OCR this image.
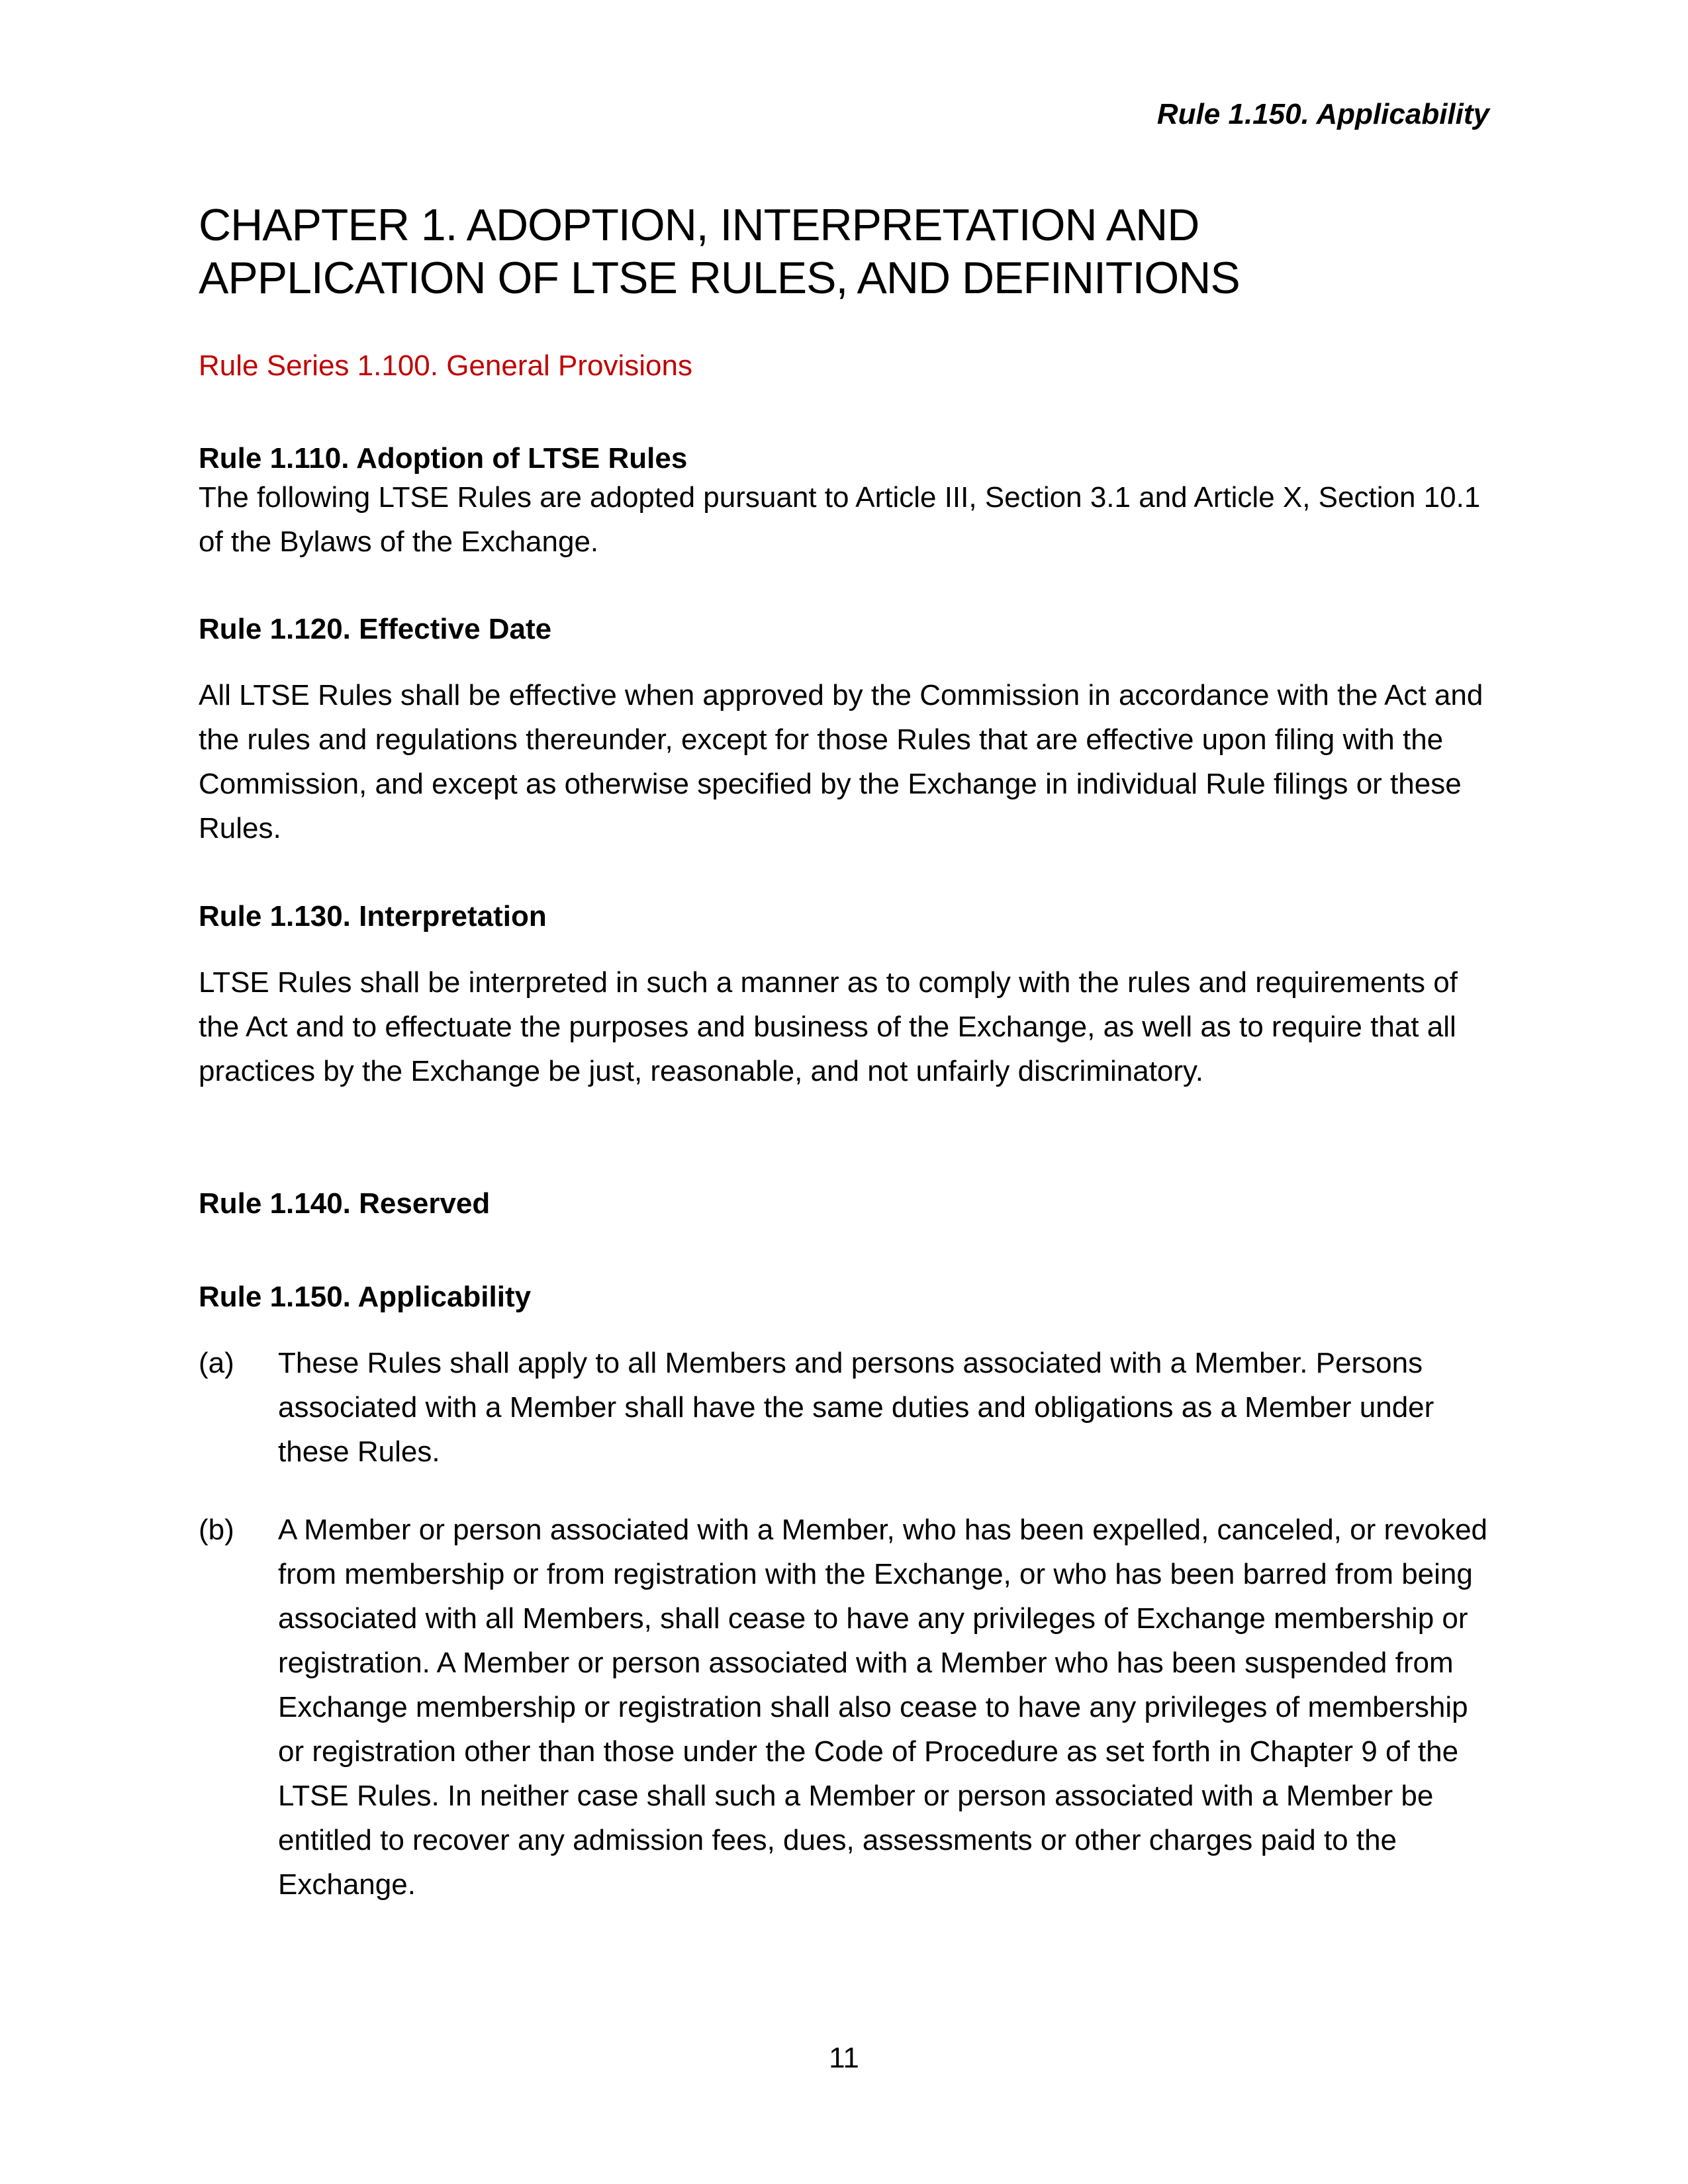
Rule 1.150. Applicability

CHAPTER 1. ADOPTION, INTERPRETATION AND APPLICATION OF LTSE RULES, AND DEFINITIONS
Rule Series 1.100. General Provisions
Rule 1.110. Adoption of LTSE Rules

The following LTSE Rules are adopted pursuant to Article III, Section 3.1 and Article X, Section 10.1 of the Bylaws of the Exchange.

Rule 1.120. Effective Date

All LTSE Rules shall be effective when approved by the Commission in accordance with the Act and the rules and regulations thereunder, except for those Rules that are effective upon filing with the Commission, and except as otherwise specified by the Exchange in individual Rule filings or these Rules.

Rule 1.130. Interpretation

LTSE Rules shall be interpreted in such a manner as to comply with the rules and requirements of the Act and to effectuate the purposes and business of the Exchange, as well as to require that all practices by the Exchange be just, reasonable, and not unfairly discriminatory.

Rule 1.140. Reserved
Rule 1.150. Applicability
(a) These Rules shall apply to all Members and persons associated with a Member. Persons associated with a Member shall have the same duties and obligations as a Member under these Rules.
(b) A Member or person associated with a Member, who has been expelled, canceled, or revoked from membership or from registration with the Exchange, or who has been barred from being associated with all Members, shall cease to have any privileges of Exchange membership or registration. A Member or person associated with a Member who has been suspended from Exchange membership or registration shall also cease to have any privileges of membership or registration other than those under the Code of Procedure as set forth in Chapter 9 of the LTSE Rules. In neither case shall such a Member or person associated with a Member be entitled to recover any admission fees, dues, assessments or other charges paid to the Exchange.

11
